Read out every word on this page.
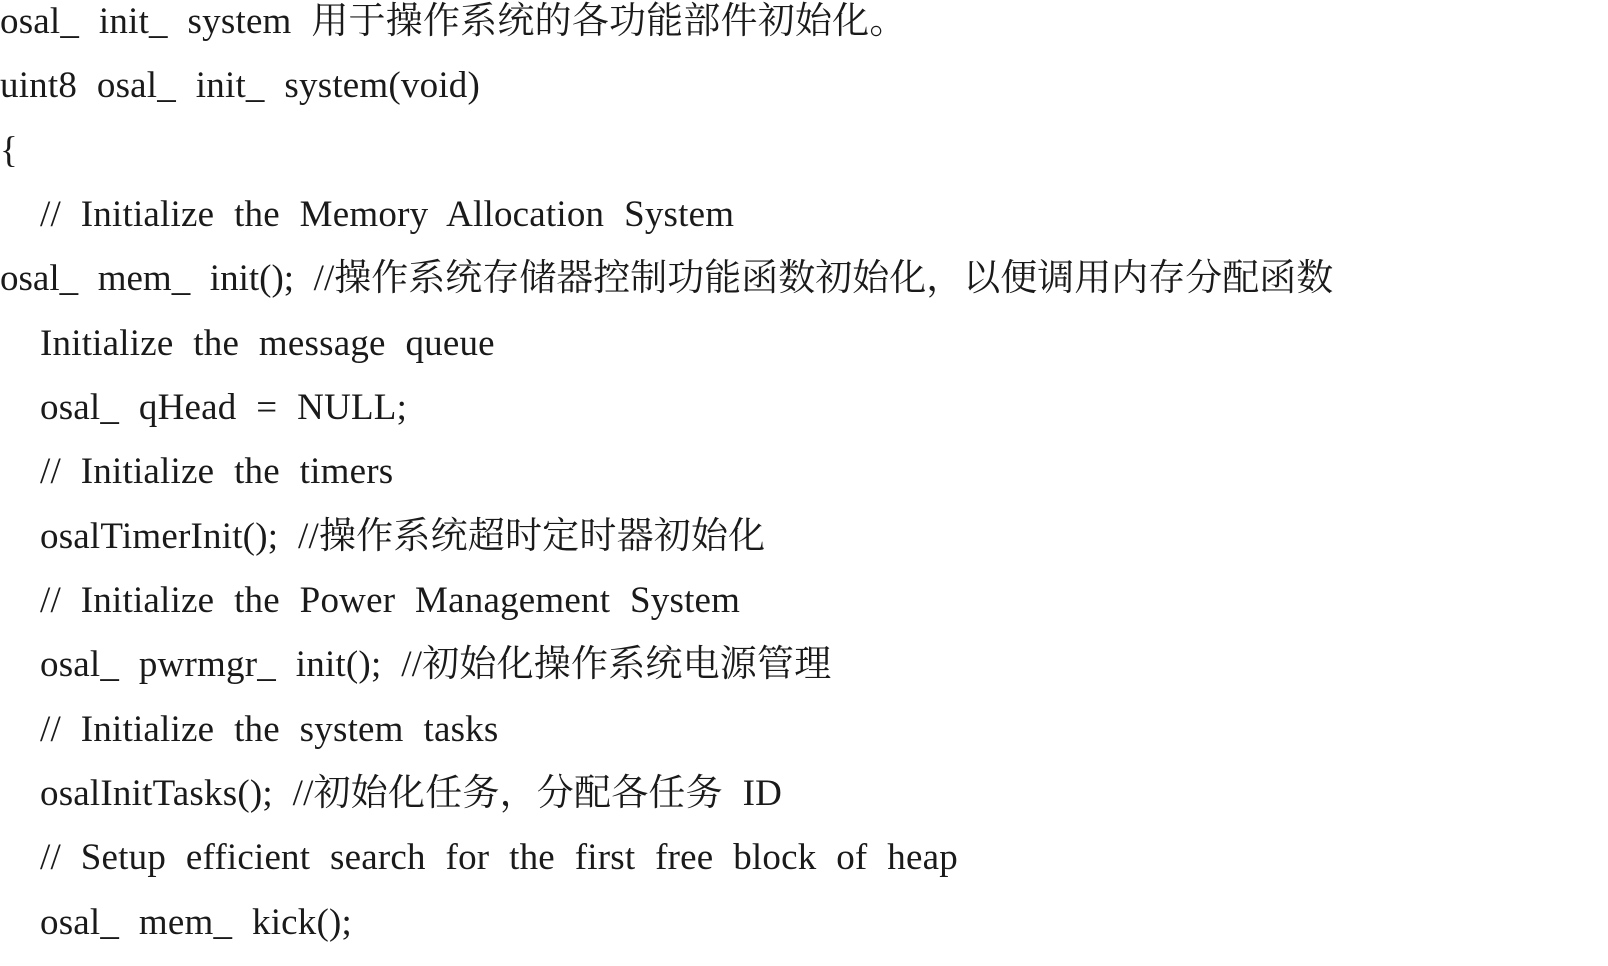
osal_ init_ system 用于操作系统的各功能部件初始化。
uint8 osal_ init_ system(void)
{
// Initialize the Memory Allocation System
osal_ mem_ init(); //操作系统存储器控制功能函数初始化，以便调用内存分配函数
Initialize the message queue
osal_ qHead = NULL;
// Initialize the timers
osalTimerInit(); //操作系统超时定时器初始化
// Initialize the Power Management System
osal_ pwrmgr_ init(); //初始化操作系统电源管理
// Initialize the system tasks
osalInitTasks(); //初始化任务，分配各任务 ID
// Setup efficient search for the first free block of heap
osal_ mem_ kick();
